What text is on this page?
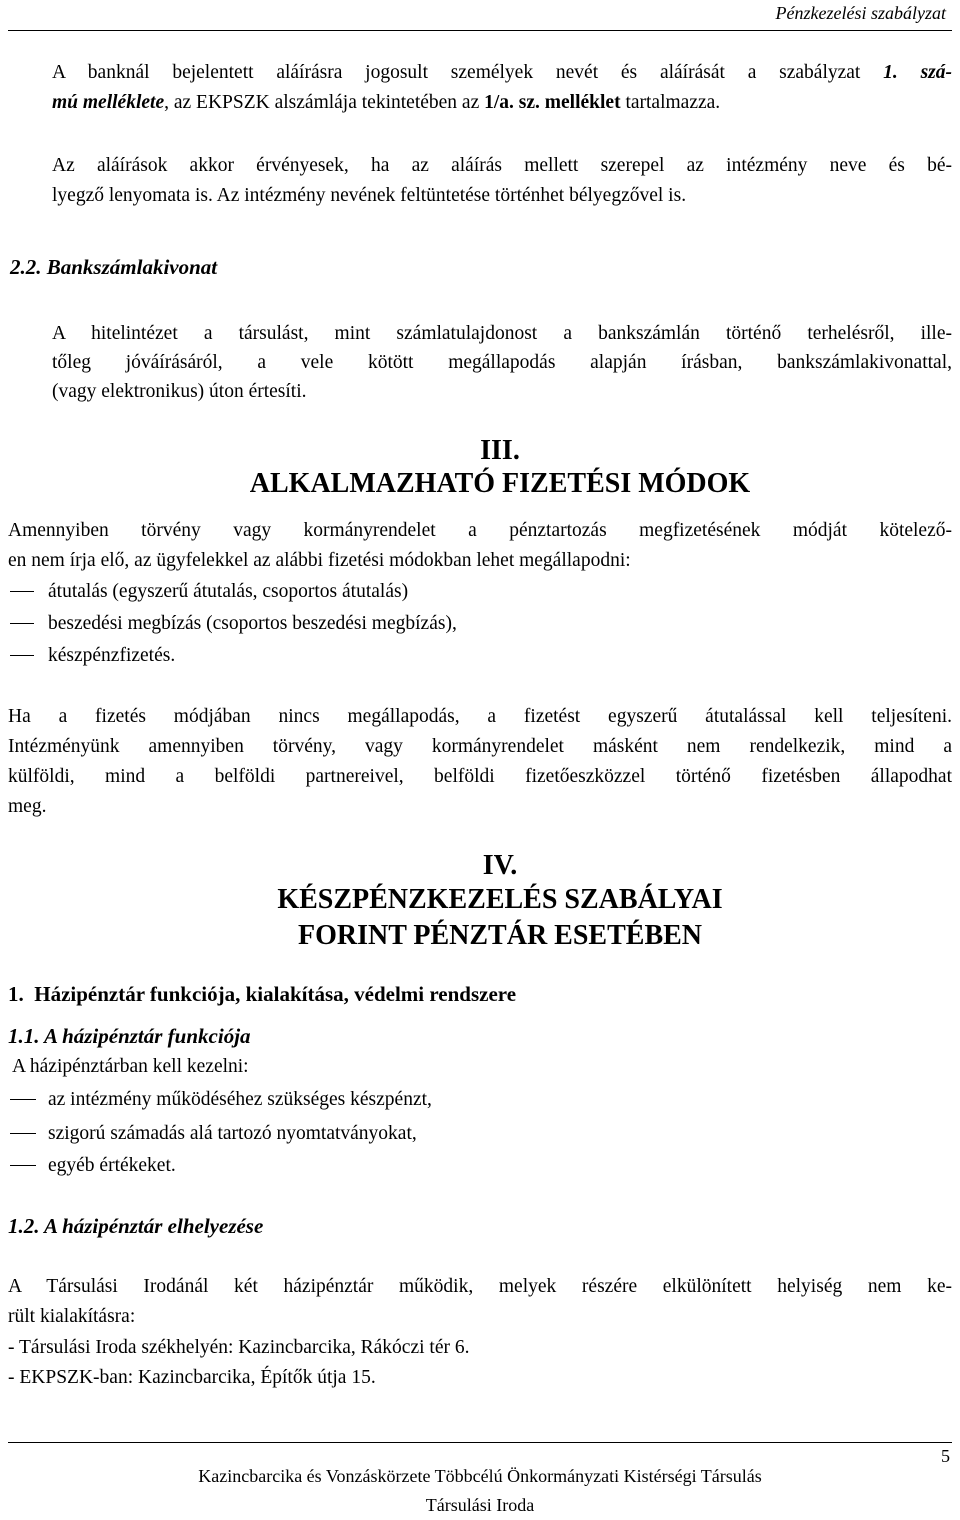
Pénzkezelési szabályzat
A banknál bejelentett aláírásra jogosult személyek nevét és aláírását a szabályzat 1. szá-
mú melléklete, az EKPSZK alszámlája tekintetében az 1/a. sz. melléklet tartalmazza.
Az aláírások akkor érvényesek, ha az aláírás mellett szerepel az intézmény neve és bé-
lyegző lenyomata is. Az intézmény nevének feltüntetése történhet bélyegzővel is.
2.2. Bankszámlakivonat
A hitelintézet a társulást, mint számlatulajdonost a bankszámlán történő terhelésről, ille-
tőleg jóváírásáról, a vele kötött megállapodás alapján írásban, bankszámlakivonattal,
(vagy elektronikus) úton értesíti.
III.
ALKALMAZHATÓ FIZETÉSI MÓDOK
Amennyiben törvény vagy kormányrendelet a pénztartozás megfizetésének módját kötelező-
en nem írja elő, az ügyfelekkel az alábbi fizetési módokban lehet megállapodni:
átutalás (egyszerű átutalás, csoportos átutalás)
beszedési megbízás (csoportos beszedési megbízás),
készpénzfizetés.
Ha a fizetés módjában nincs megállapodás, a fizetést egyszerű átutalással kell teljesíteni.
Intézményünk amennyiben törvény, vagy kormányrendelet másként nem rendelkezik, mind a
külföldi, mind a belföldi partnereivel, belföldi fizetőeszközzel történő fizetésben állapodhat
meg.
IV.
KÉSZPÉNZKEZELÉS SZABÁLYAI
FORINT PÉNZTÁR ESETÉBEN
1.  Házipénztár funkciója, kialakítása, védelmi rendszere
1.1. A házipénztár funkciója
A házipénztárban kell kezelni:
az intézmény működéséhez szükséges készpénzt,
szigorú számadás alá tartozó nyomtatványokat,
egyéb értékeket.
1.2. A házipénztár elhelyezése
A Társulási Irodánál két házipénztár működik, melyek részére elkülönített helyiség nem ke-
rült kialakításra:
- Társulási Iroda székhelyén: Kazincbarcika, Rákóczi tér 6.
- EKPSZK-ban: Kazincbarcika, Építők útja 15.
5
Kazincbarcika és Vonzáskörzete Többcélú Önkormányzati Kistérségi Társulás
Társulási Iroda
